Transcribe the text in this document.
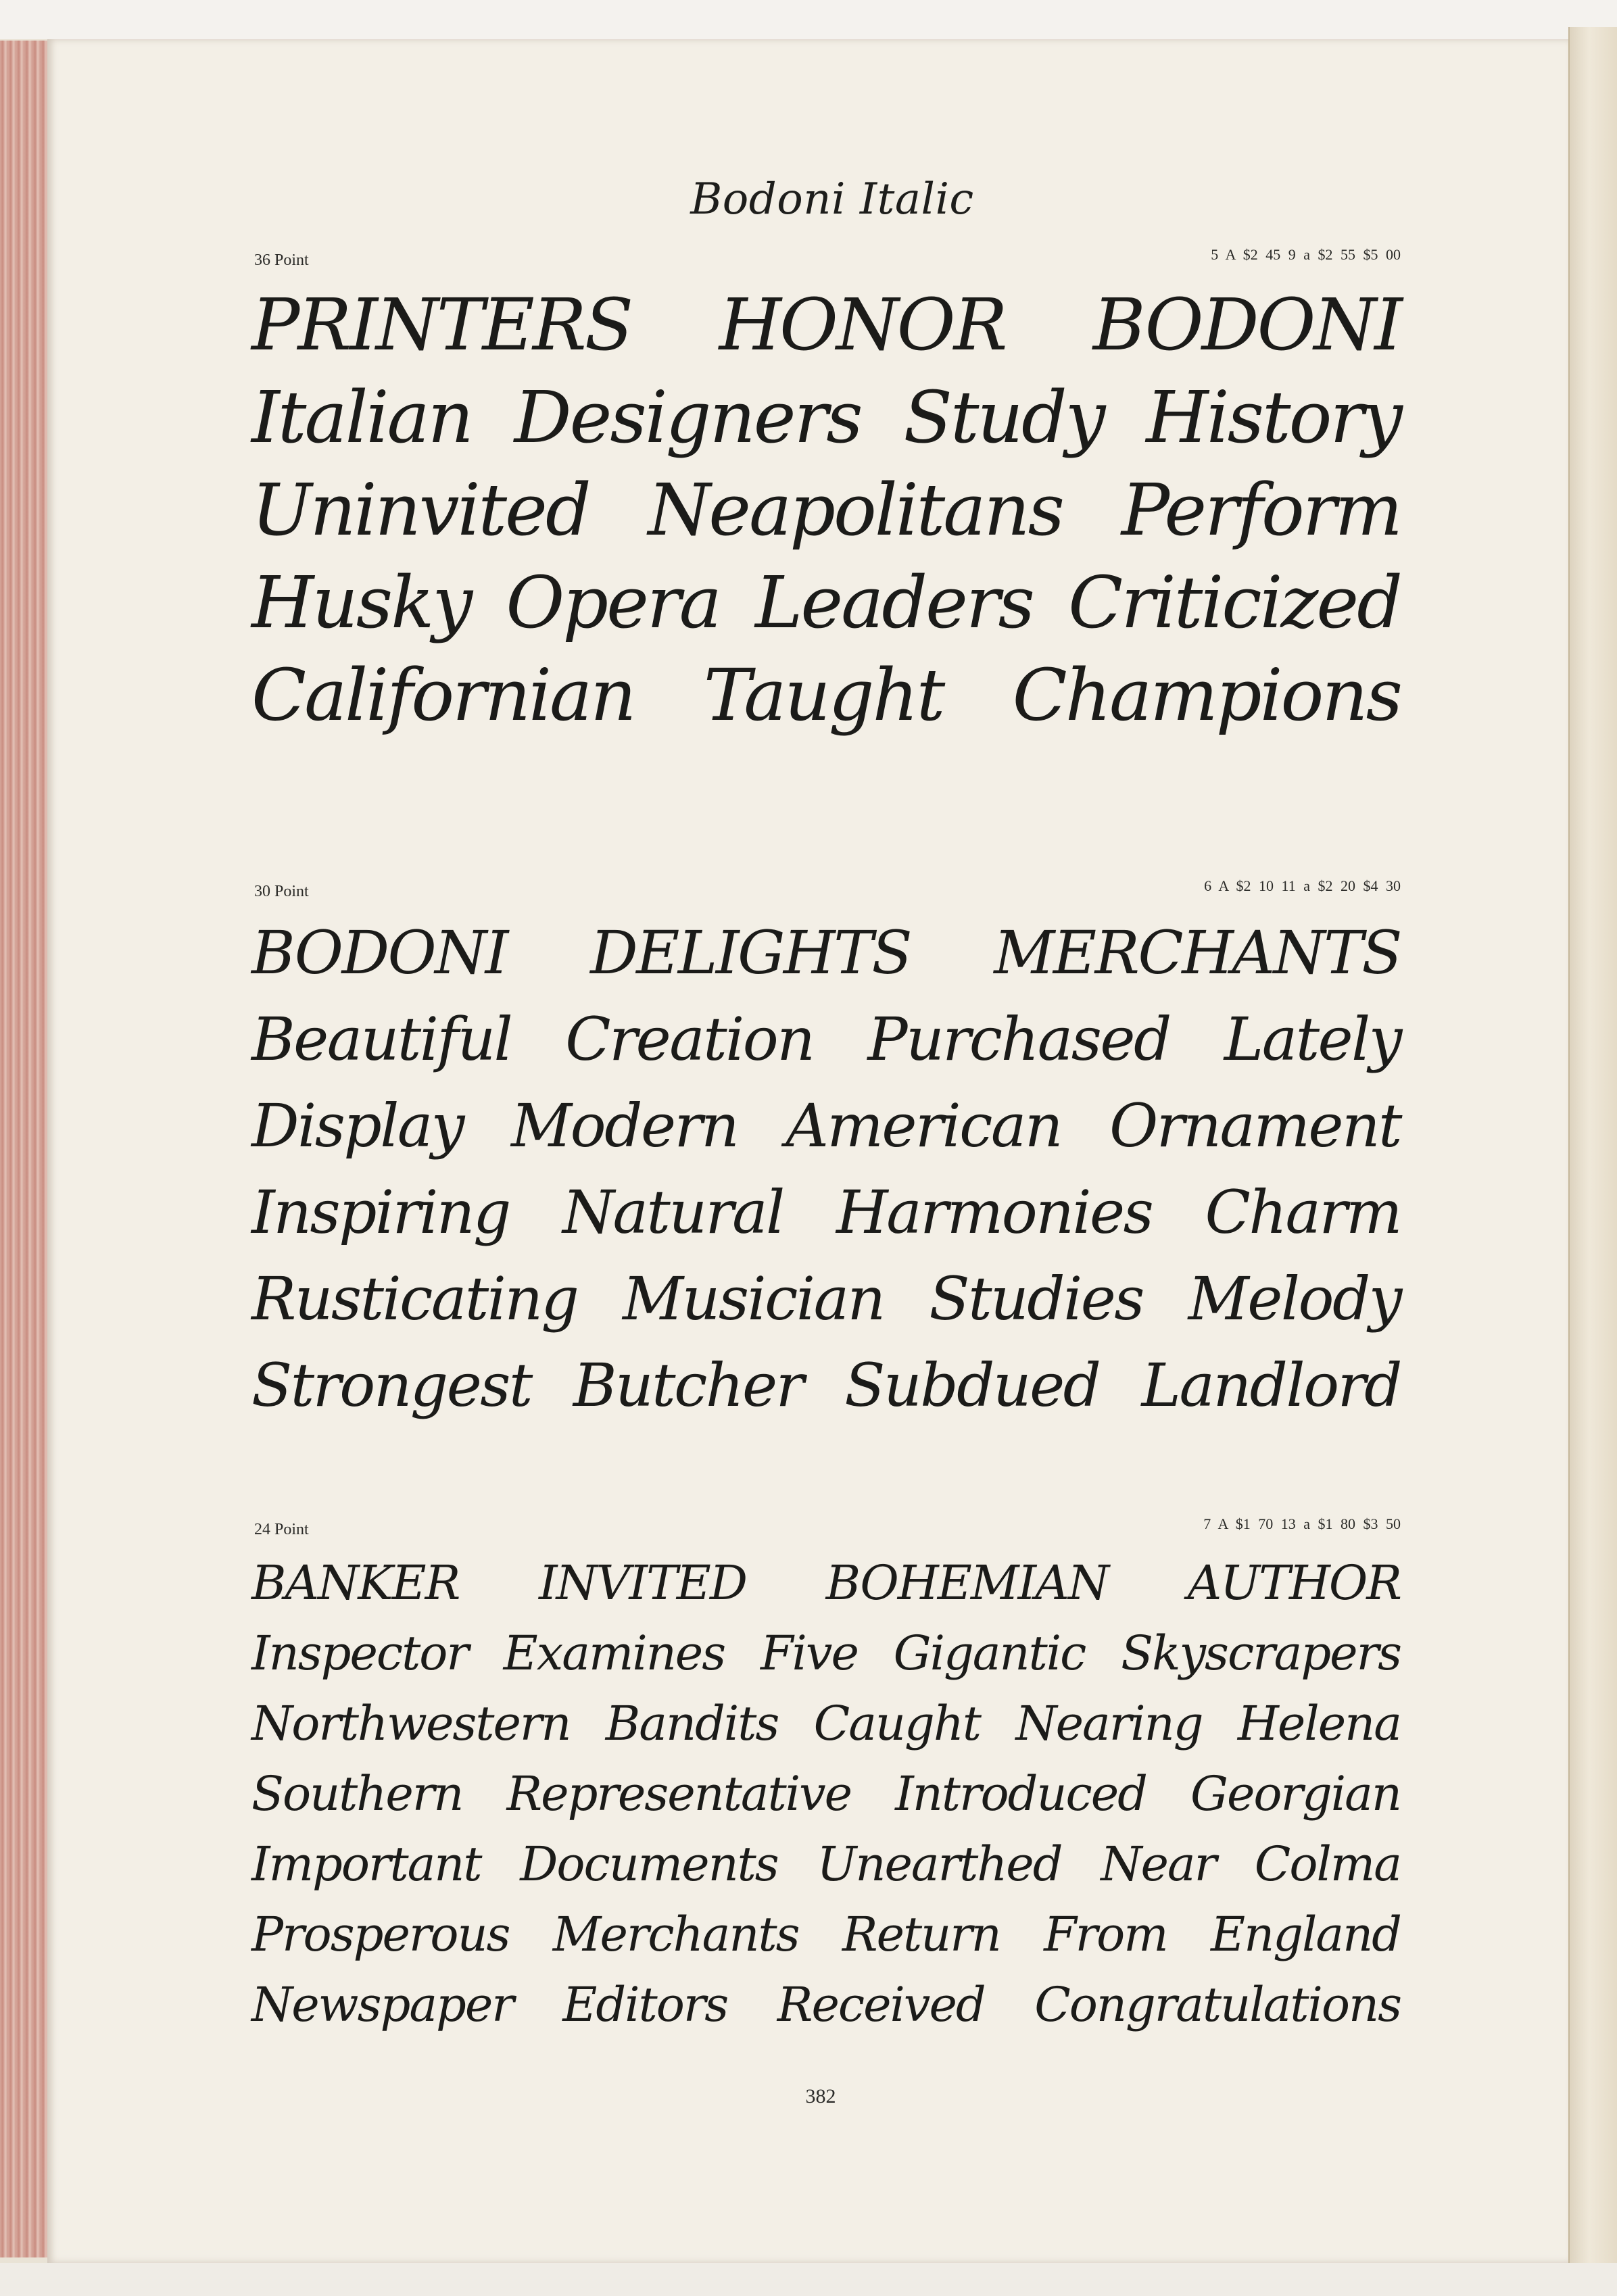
Bodoni Italic
36 Point	5 A $2 45 9 a $2 55 $5 00
PRINTERS HONOR BODONI
Italian Designers Study History
Uninvited Neapolitans Perform
Husky Opera Leaders Criticized
Californian Taught Champions
30 Point	6 A $2 10 11 a $2 20 $4 30
BODONI DELIGHTS MERCHANTS
Beautiful Creation Purchased Lately
Display Modern American Ornament
Inspiring Natural Harmonies Charm
Rusticating Musician Studies Melody
Strongest Butcher Subdued Landlord
24 Point	7 A $1 70 13 a $1 80 $3 50
BANKER INVITED BOHEMIAN AUTHOR
Inspector Examines Five Gigantic Skyscrapers
Northwestern Bandits Caught Nearing Helena
Southern Representative Introduced Georgian
Important Documents Unearthed Near Colma
Prosperous Merchants Return From England
Newspaper Editors Received Congratulations
382
